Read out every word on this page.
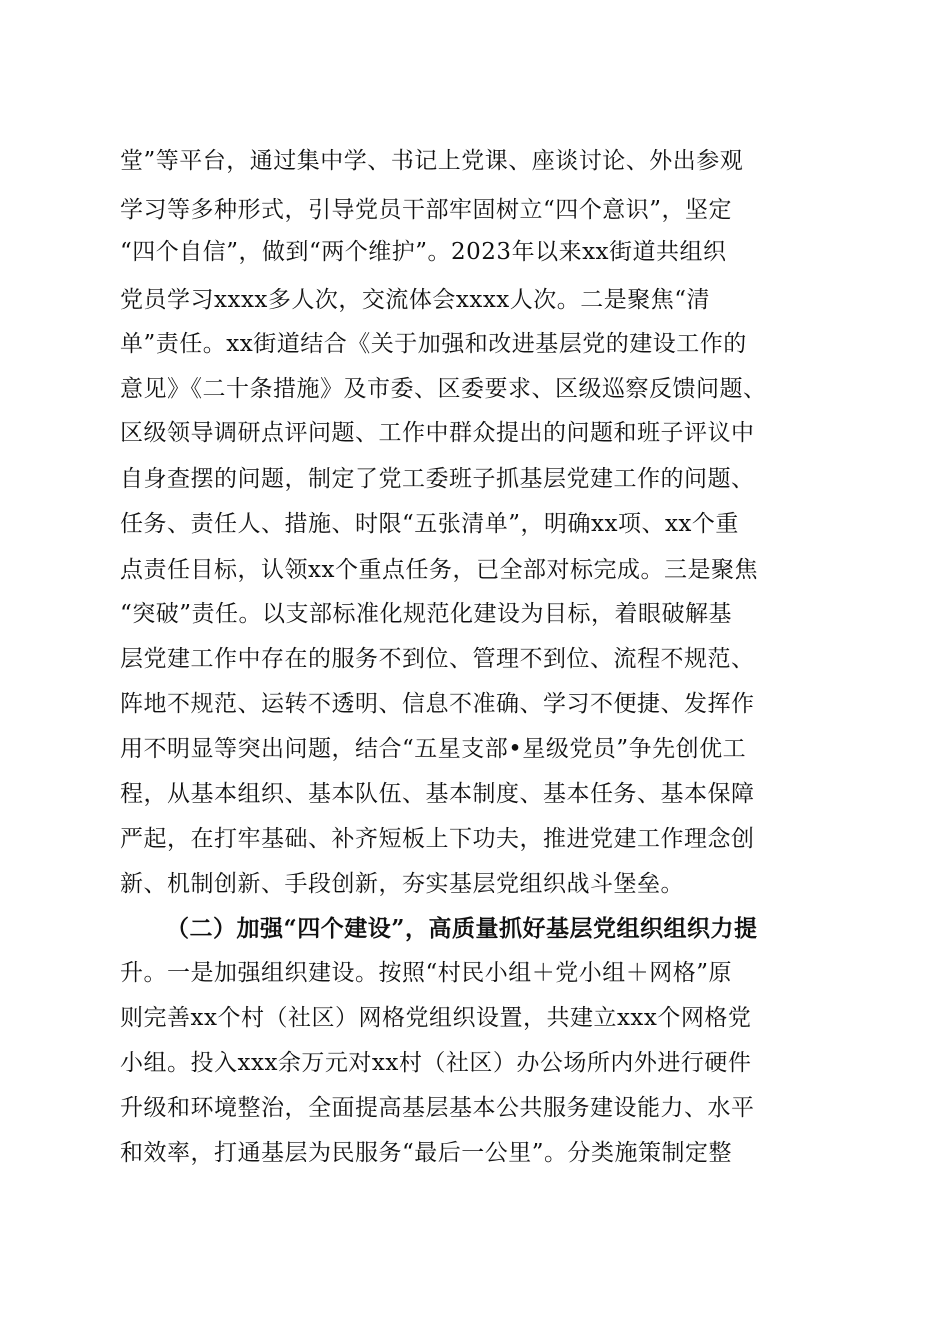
堂”等平台，通过集中学、书记上党课、座谈讨论、外出参观
学习等多种形式，引导党员干部牢固树立“四个意识”，坚定
“四个自信”，做到“两个维护”。2023年以来xx街道共组织
党员学习xxxx多人次，交流体会xxxx人次。二是聚焦“清
单”责任。xx街道结合《关于加强和改进基层党的建设工作的
意见》《二十条措施》及市委、区委要求、区级巡察反馈问题、
区级领导调研点评问题、工作中群众提出的问题和班子评议中
自身查摆的问题，制定了党工委班子抓基层党建工作的问题、
任务、责任人、措施、时限“五张清单”，明确xx项、xx个重
点责任目标，认领xx个重点任务，已全部对标完成。三是聚焦
“突破”责任。以支部标准化规范化建设为目标，着眼破解基
层党建工作中存在的服务不到位、管理不到位、流程不规范、
阵地不规范、运转不透明、信息不准确、学习不便捷、发挥作
用不明显等突出问题，结合“五星支部•星级党员”争先创优工
程，从基本组织、基本队伍、基本制度、基本任务、基本保障
严起，在打牢基础、补齐短板上下功夫，推进党建工作理念创
新、机制创新、手段创新，夯实基层党组织战斗堡垒。
（二）加强“四个建设”，高质量抓好基层党组织组织力提
升。一是加强组织建设。按照“村民小组＋党小组＋网格”原
则完善xx个村（社区）网格党组织设置，共建立xxx个网格党
小组。投入xxx余万元对xx村（社区）办公场所内外进行硬件
升级和环境整治，全面提高基层基本公共服务建设能力、水平
和效率，打通基层为民服务“最后一公里”。分类施策制定整
